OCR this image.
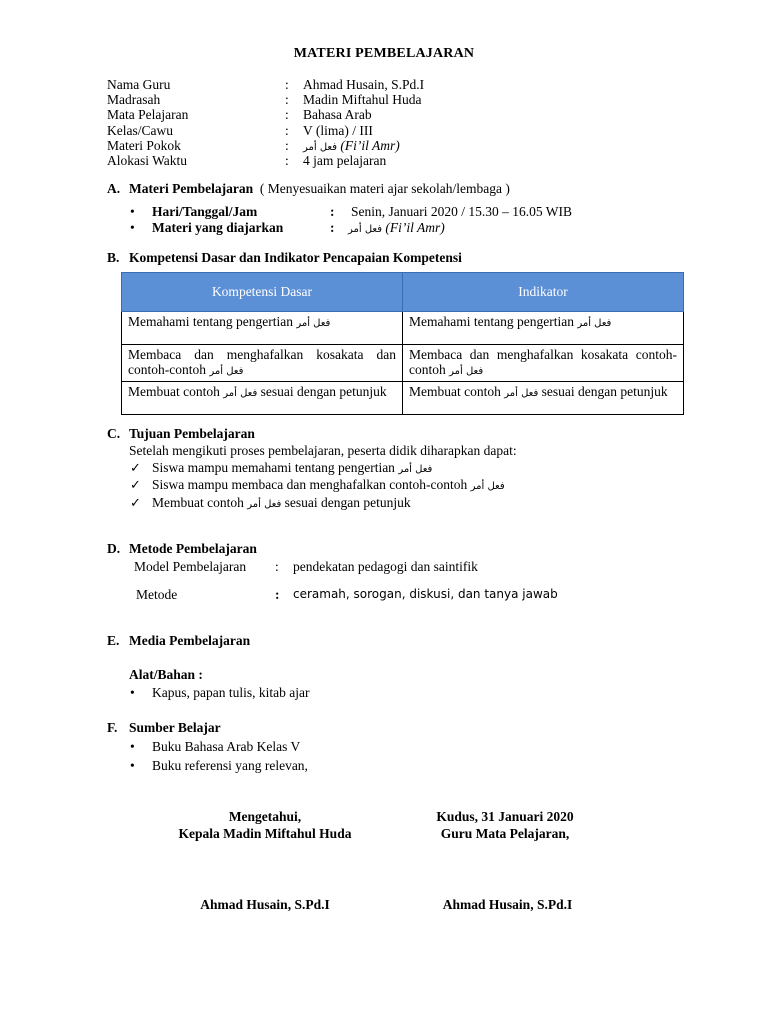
MATERI PEMBELAJARAN
Nama Guru	: Ahmad Husain, S.Pd.I
Madrasah	: Madin Miftahul Huda
Mata Pelajaran	: Bahasa Arab
Kelas/Cawu	: V (lima) / III
Materi Pokok	: فعل أمر (Fi’il Amr)
Alokasi Waktu	: 4 jam pelajaran
A. Materi Pembelajaran ( Menyesuaikan materi ajar sekolah/lembaga )
• Hari/Tanggal/Jam	: Senin, Januari 2020 / 15.30 – 16.05 WIB
• Materi yang diajarkan	: فعل أمر (Fi’il Amr)
B. Kompetensi Dasar dan Indikator Pencapaian Kompetensi
Kompetensi Dasar	Indikator
Memahami tentang pengertian فعل أمر	Memahami tentang pengertian فعل أمر
Membaca dan menghafalkan kosakata dan contoh-contoh فعل أمر	Membaca dan menghafalkan kosakata contoh-contoh فعل أمر
Membuat contoh فعل أمر sesuai dengan petunjuk	Membuat contoh فعل أمر sesuai dengan petunjuk
C. Tujuan Pembelajaran
Setelah mengikuti proses pembelajaran, peserta didik diharapkan dapat:
✓ Siswa mampu memahami tentang pengertian فعل أمر
✓ Siswa mampu membaca dan menghafalkan contoh-contoh فعل أمر
✓ Membuat contoh فعل أمر sesuai dengan petunjuk
D. Metode Pembelajaran
Model Pembelajaran : pendekatan pedagogi dan saintifik
Metode	: ceramah, sorogan, diskusi, dan tanya jawab
E. Media Pembelajaran
Alat/Bahan :
• Kapus, papan tulis, kitab ajar
F. Sumber Belajar
• Buku Bahasa Arab Kelas V
• Buku referensi yang relevan,
Mengetahui,
Kepala Madin Miftahul Huda
Ahmad Husain, S.Pd.I
Kudus, 31 Januari 2020
Guru Mata Pelajaran,
Ahmad Husain, S.Pd.I
